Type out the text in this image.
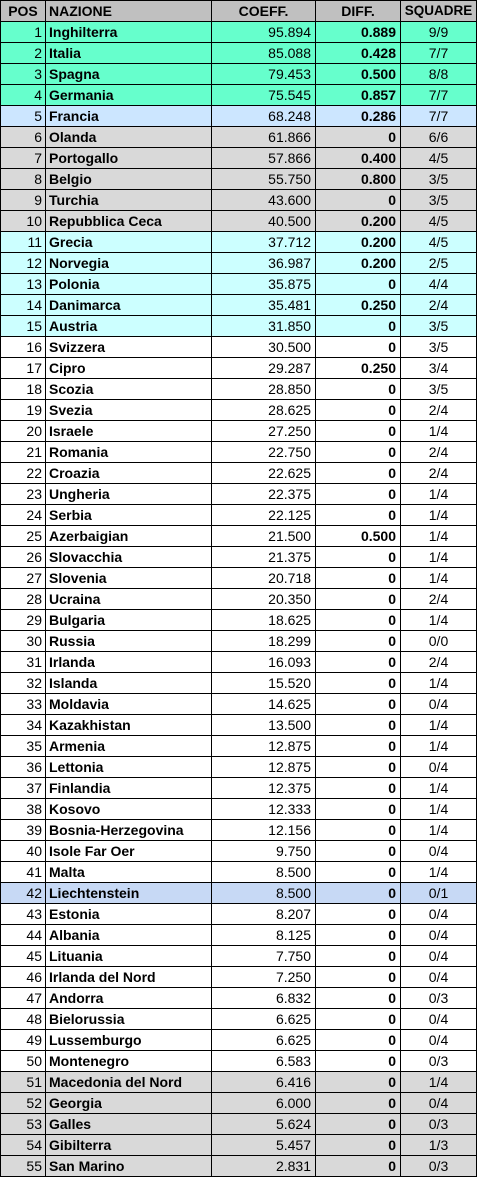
POS	NAZIONE	COEFF.	DIFF.	SQUADRE
1	Inghilterra	95.894	0.889	9/9
2	Italia	85.088	0.428	7/7
3	Spagna	79.453	0.500	8/8
4	Germania	75.545	0.857	7/7
5	Francia	68.248	0.286	7/7
6	Olanda	61.866	0	6/6
7	Portogallo	57.866	0.400	4/5
8	Belgio	55.750	0.800	3/5
9	Turchia	43.600	0	3/5
10	Repubblica Ceca	40.500	0.200	4/5
11	Grecia	37.712	0.200	4/5
12	Norvegia	36.987	0.200	2/5
13	Polonia	35.875	0	4/4
14	Danimarca	35.481	0.250	2/4
15	Austria	31.850	0	3/5
16	Svizzera	30.500	0	3/5
17	Cipro	29.287	0.250	3/4
18	Scozia	28.850	0	3/5
19	Svezia	28.625	0	2/4
20	Israele	27.250	0	1/4
21	Romania	22.750	0	2/4
22	Croazia	22.625	0	2/4
23	Ungheria	22.375	0	1/4
24	Serbia	22.125	0	1/4
25	Azerbaigian	21.500	0.500	1/4
26	Slovacchia	21.375	0	1/4
27	Slovenia	20.718	0	1/4
28	Ucraina	20.350	0	2/4
29	Bulgaria	18.625	0	1/4
30	Russia	18.299	0	0/0
31	Irlanda	16.093	0	2/4
32	Islanda	15.520	0	1/4
33	Moldavia	14.625	0	0/4
34	Kazakhistan	13.500	0	1/4
35	Armenia	12.875	0	1/4
36	Lettonia	12.875	0	0/4
37	Finlandia	12.375	0	1/4
38	Kosovo	12.333	0	1/4
39	Bosnia-Herzegovina	12.156	0	1/4
40	Isole Far Oer	9.750	0	0/4
41	Malta	8.500	0	1/4
42	Liechtenstein	8.500	0	0/1
43	Estonia	8.207	0	0/4
44	Albania	8.125	0	0/4
45	Lituania	7.750	0	0/4
46	Irlanda del Nord	7.250	0	0/4
47	Andorra	6.832	0	0/3
48	Bielorussia	6.625	0	0/4
49	Lussemburgo	6.625	0	0/4
50	Montenegro	6.583	0	0/3
51	Macedonia del Nord	6.416	0	1/4
52	Georgia	6.000	0	0/4
53	Galles	5.624	0	0/3
54	Gibilterra	5.457	0	1/3
55	San Marino	2.831	0	0/3
